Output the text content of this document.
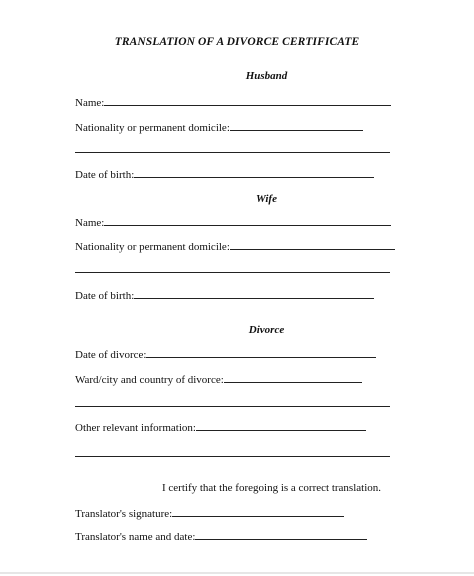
TRANSLATION OF A DIVORCE CERTIFICATE
Husband
Name:
Nationality or permanent domicile:
Date of birth:
Wife
Name:
Nationality or permanent domicile:
Date of birth:
Divorce
Date of divorce:
Ward/city and country of divorce:
Other relevant information:
I certify that the foregoing is a correct translation.
Translator's signature:
Translator's name and date:
